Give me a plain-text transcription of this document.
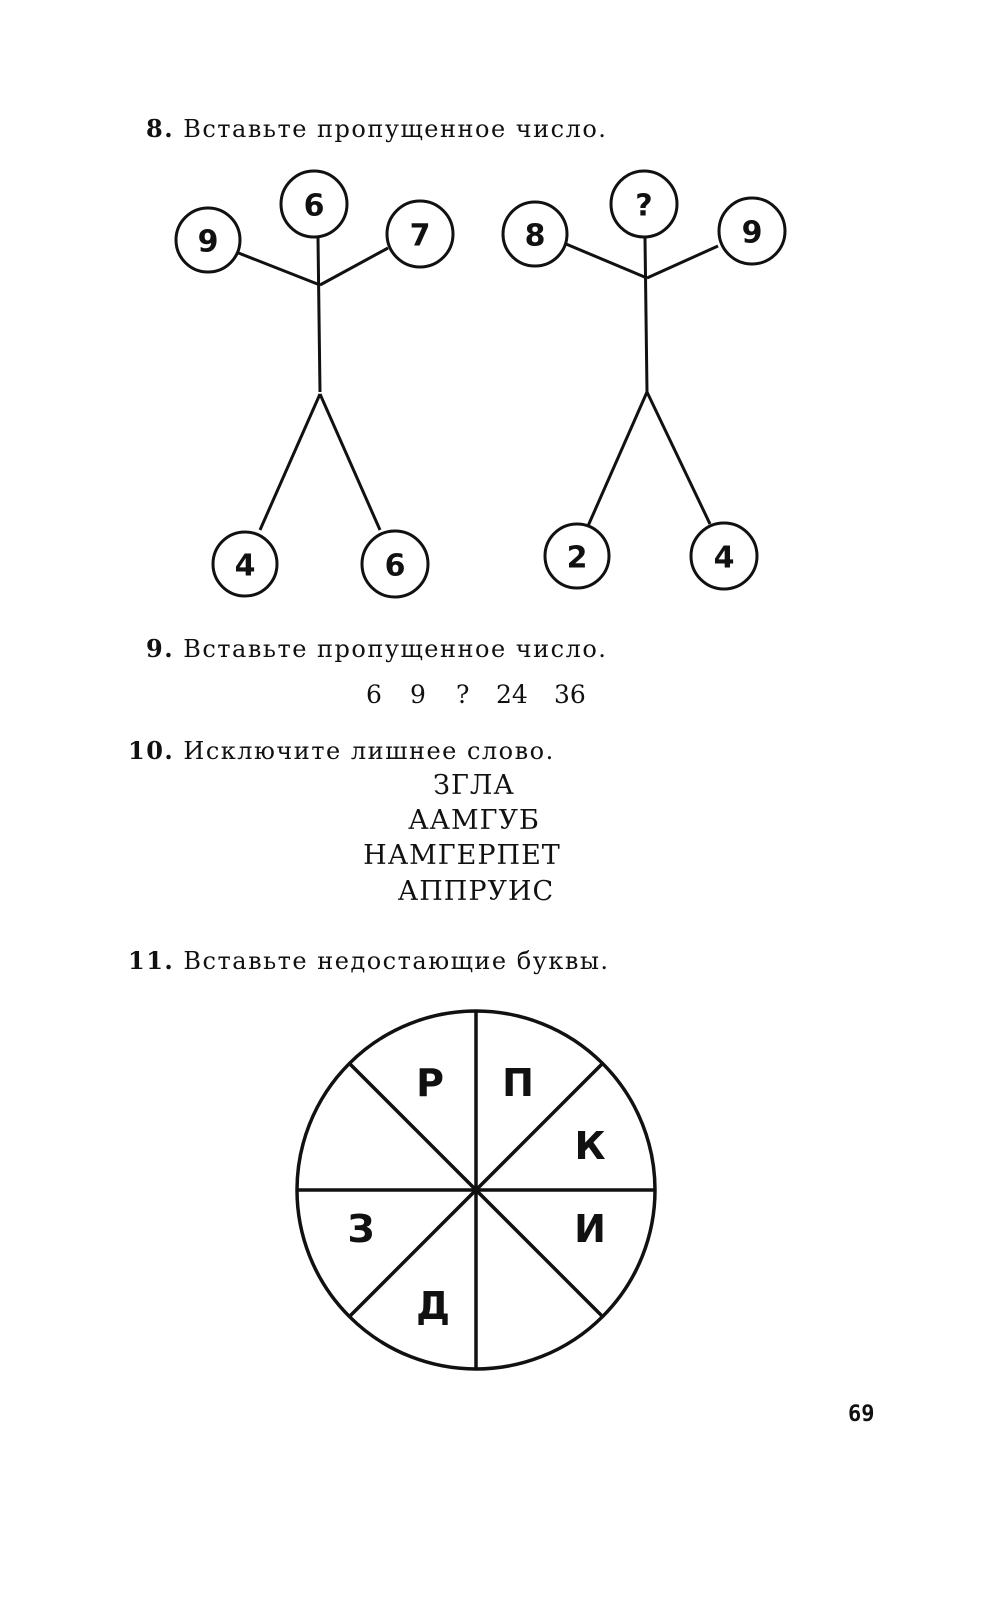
8. Вставьте пропущенное число.
9
6
7
4	6
8
?
9
2	4
Р П
К
И
Д
З
9. Вставьте пропущенное число.
6	9	?	24	36
10. Исключите лишнее слово.
ЗГЛА
ААМГУБ
НАМГЕРПЕТ
АППРУИС
11. Вставьте недостающие буквы.
69
